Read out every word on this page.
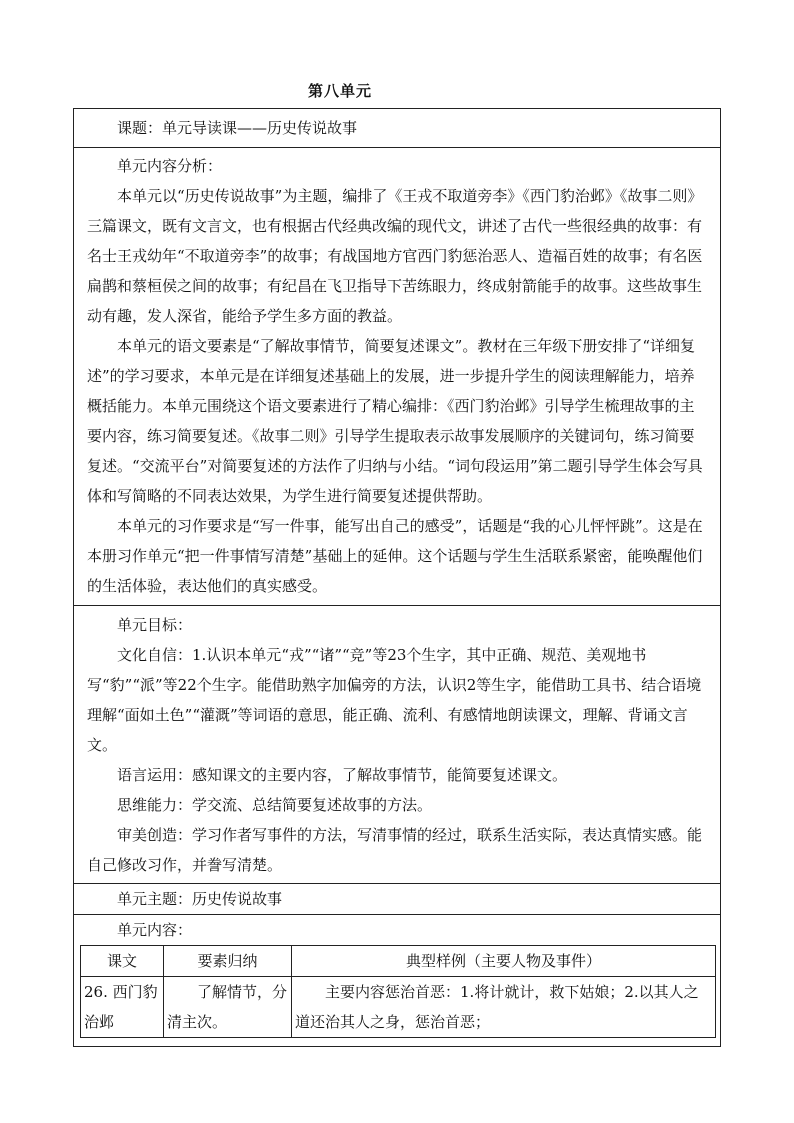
第八单元

课题：单元导读课——历史传说故事

单元内容分析：

本单元以“历史传说故事”为主题，编排了《王戎不取道旁李》《西门豹治邺》《故事二则》三篇课文，既有文言文，也有根据古代经典改编的现代文，讲述了古代一些很经典的故事：有名士王戎幼年“不取道旁李”的故事；有战国地方官西门豹惩治恶人、造福百姓的故事；有名医扁鹊和蔡桓侯之间的故事；有纪昌在飞卫指导下苦练眼力，终成射箭能手的故事。这些故事生动有趣，发人深省，能给予学生多方面的教益。

本单元的语文要素是“了解故事情节，简要复述课文”。教材在三年级下册安排了“详细复述”的学习要求，本单元是在详细复述基础上的发展，进一步提升学生的阅读理解能力，培养概括能力。本单元围绕这个语文要素进行了精心编排：《西门豹治邺》引导学生梳理故事的主要内容，练习简要复述。《故事二则》引导学生提取表示故事发展顺序的关键词句，练习简要复述。“交流平台”对简要复述的方法作了归纳与小结。“词句段运用”第二题引导学生体会写具体和写简略的不同表达效果，为学生进行简要复述提供帮助。

本单元的习作要求是“写一件事，能写出自己的感受”，话题是“我的心儿怦怦跳”。这是在本册习作单元“把一件事情写清楚”基础上的延伸。这个话题与学生生活联系紧密，能唤醒他们的生活体验，表达他们的真实感受。

单元目标：

文化自信：1.认识本单元“戎”“诸”“竞”等23个生字，其中正确、规范、美观地书写“豹”“派”等22个生字。能借助熟字加偏旁的方法，认识2等生字，能借助工具书、结合语境理解“面如土色”“灌溉”等词语的意思，能正确、流利、有感情地朗读课文，理解、背诵文言文。

语言运用：感知课文的主要内容，了解故事情节，能简要复述课文。

思维能力：学交流、总结简要复述故事的方法。

审美创造：学习作者写事件的方法，写清事情的经过，联系生活实际，表达真情实感。能自己修改习作，并誊写清楚。

单元主题：历史传说故事

单元内容：

课文	要素归纳	典型样例（主要人物及事件）
26. 西门豹治邺	了解情节，分清主次。	主要内容惩治首恶：1.将计就计，救下姑娘；2.以其人之道还治其人之身，惩治首恶；
